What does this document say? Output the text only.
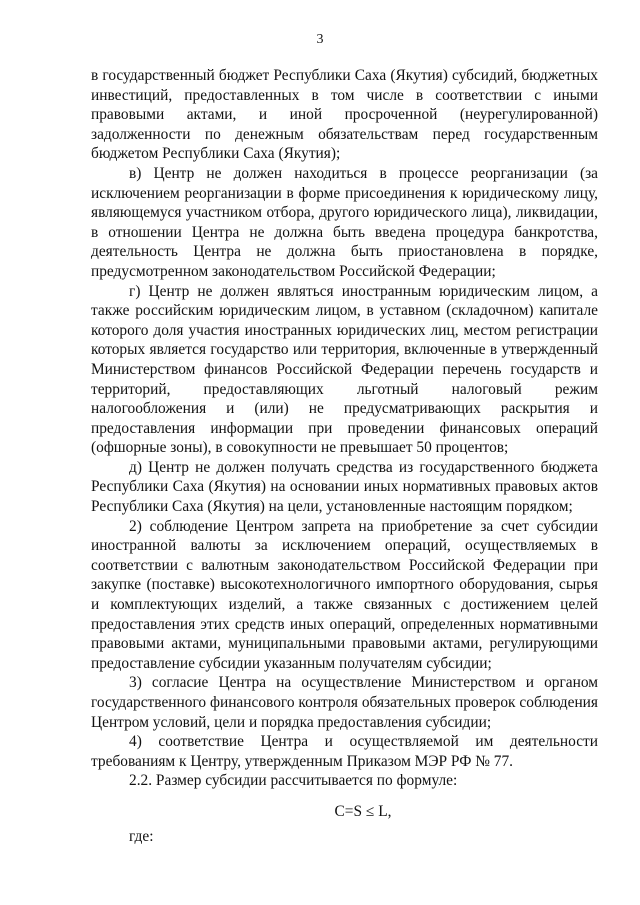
3

в государственный бюджет Республики Саха (Якутия) субсидий, бюджетных инвестиций, предоставленных в том числе в соответствии с иными правовыми актами, и иной просроченной (неурегулированной) задолженности по денежным обязательствам перед государственным бюджетом Республики Саха (Якутия);

в) Центр не должен находиться в процессе реорганизации (за исключением реорганизации в форме присоединения к юридическому лицу, являющемуся участником отбора, другого юридического лица), ликвидации, в отношении Центра не должна быть введена процедура банкротства, деятельность Центра не должна быть приостановлена в порядке, предусмотренном законодательством Российской Федерации;

г) Центр не должен являться иностранным юридическим лицом, а также российским юридическим лицом, в уставном (складочном) капитале которого доля участия иностранных юридических лиц, местом регистрации которых является государство или территория, включенные в утвержденный Министерством финансов Российской Федерации перечень государств и территорий, предоставляющих льготный налоговый режим налогообложения и (или) не предусматривающих раскрытия и предоставления информации при проведении финансовых операций (офшорные зоны), в совокупности не превышает 50 процентов;

д) Центр не должен получать средства из государственного бюджета Республики Саха (Якутия) на основании иных нормативных правовых актов Республики Саха (Якутия) на цели, установленные настоящим порядком;

2) соблюдение Центром запрета на приобретение за счет субсидии иностранной валюты за исключением операций, осуществляемых в соответствии с валютным законодательством Российской Федерации при закупке (поставке) высокотехнологичного импортного оборудования, сырья и комплектующих изделий, а также связанных с достижением целей предоставления этих средств иных операций, определенных нормативными правовыми актами, муниципальными правовыми актами, регулирующими предоставление субсидии указанным получателям субсидии;

3) согласие Центра на осуществление Министерством и органом государственного финансового контроля обязательных проверок соблюдения Центром условий, цели и порядка предоставления субсидии;

4) соответствие Центра и осуществляемой им деятельности требованиям к Центру, утвержденным Приказом МЭР РФ № 77.

2.2. Размер субсидии рассчитывается по формуле:

C=S ≤ L,
где:
